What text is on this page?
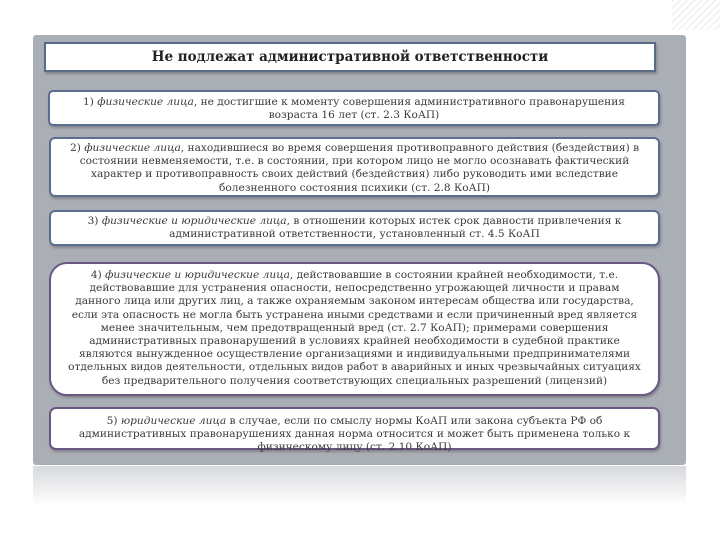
Не подлежат административной ответственности
1) физические лица, не достигшие к моменту совершения административного правонарушения возраста 16 лет (ст. 2.3 КоАП)
2) физические лица, находившиеся во время совершения противоправного действия (бездействия) в состоянии невменяемости, т.е. в состоянии, при котором лицо не могло осознавать фактический характер и противоправность своих действий (бездействия) либо руководить ими вследствие болезненного состояния психики (ст. 2.8 КоАП)
3) физические и юридические лица, в отношении которых истек срок давности привлечения к административной ответственности, установленный ст. 4.5 КоАП
4) физические и юридические лица, действовавшие в состоянии крайней необходимости, т.е. действовавшие для устранения опасности, непосредственно угрожающей личности и правам данного лица или других лиц, а также охраняемым законом интересам общества или государства, если эта опасность не могла быть устранена иными средствами и если причиненный вред является менее значительным, чем предотвращенный вред (ст. 2.7 КоАП); примерами совершения административных правонарушений в условиях крайней необходимости в судебной практике являются вынужденное осуществление организациями и индивидуальными предпринимателями отдельных видов деятельности, отдельных видов работ в аварийных и иных чрезвычайных ситуациях без предварительного получения соответствующих специальных разрешений (лицензий)
5) юридические лица в случае, если по смыслу нормы КоАП или закона субъекта РФ об административных правонарушениях данная норма относится и может быть применена только к физическому лицу (ст. 2.10 КоАП)
